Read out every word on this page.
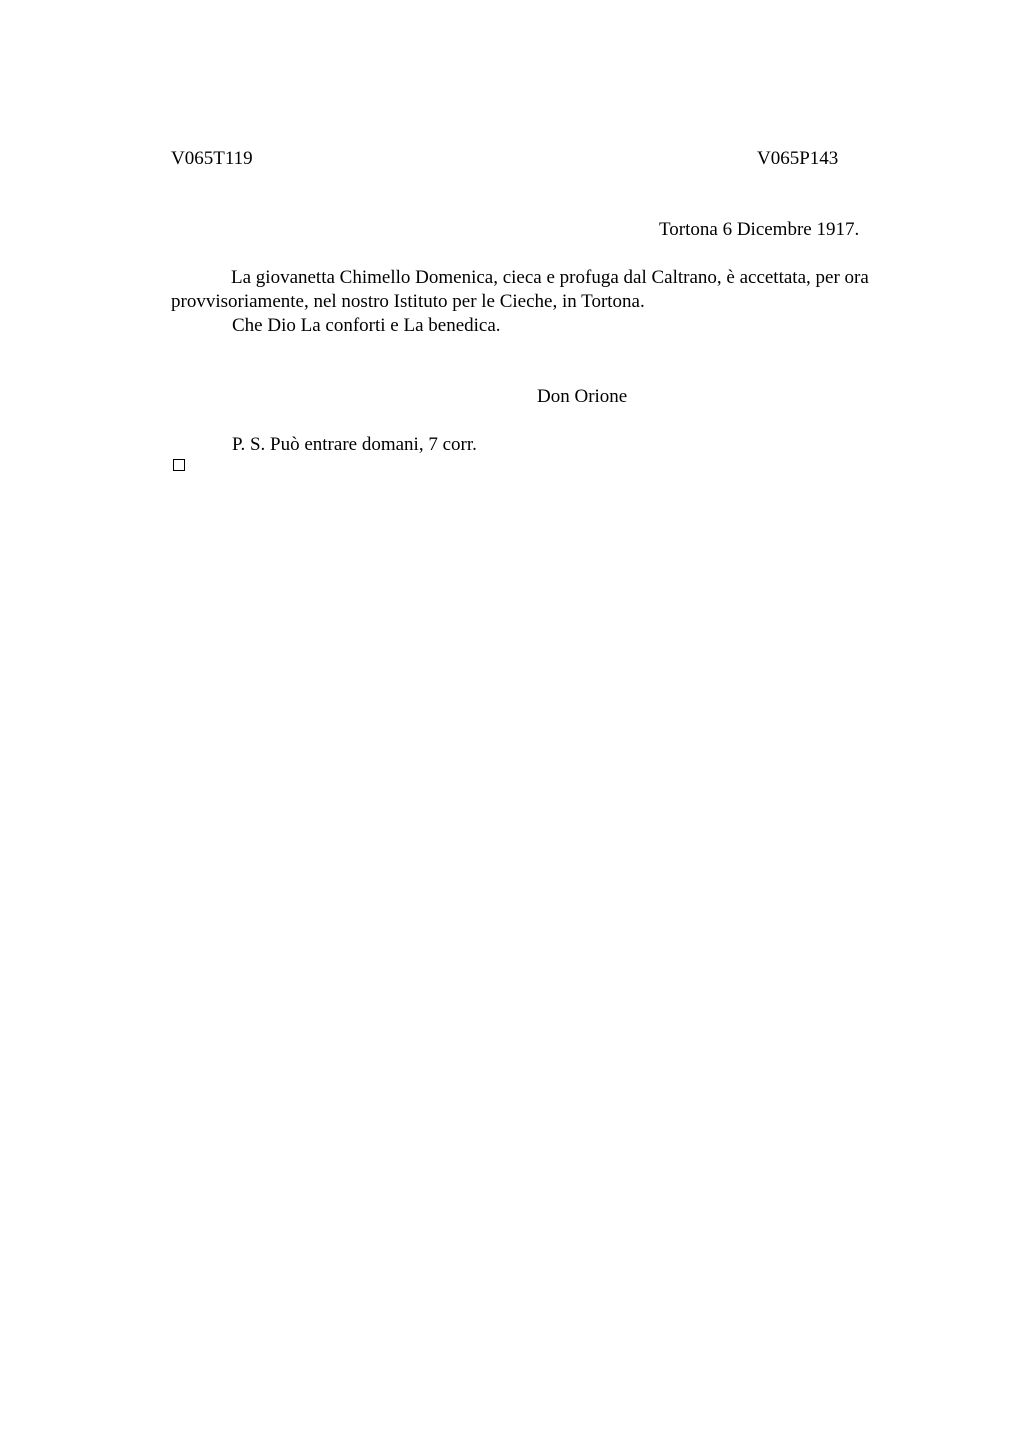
V065T119	V065P143
Tortona 6 Dicembre 1917.
La giovanetta Chimello Domenica, cieca e profuga dal Caltrano, è accettata, per ora provvisoriamente, nel nostro Istituto per le Cieche, in Tortona.
Che Dio La conforti e La benedica.
Don Orione
P. S. Può entrare domani, 7 corr.
